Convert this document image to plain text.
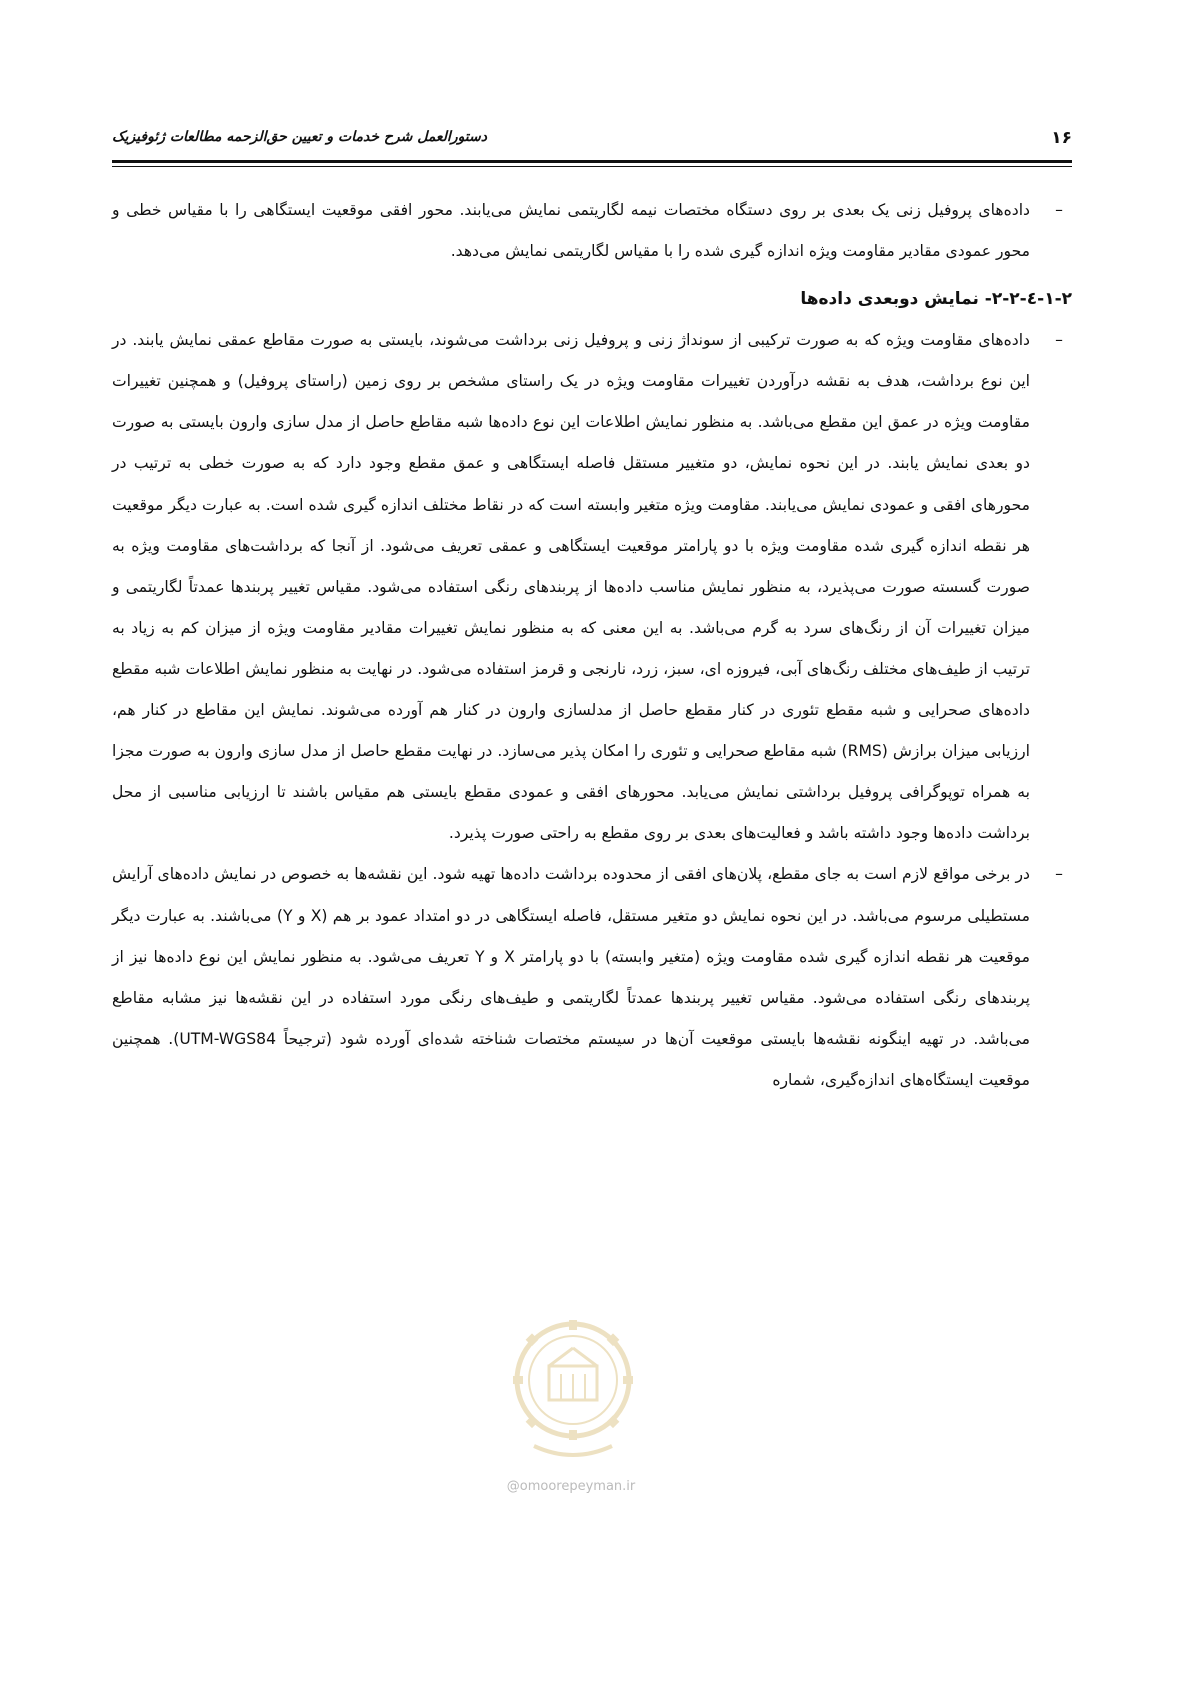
۱۶
دستورالعمل شرح خدمات و تعیین حق‌الزحمه مطالعات ژئوفیزیک

–
داده‌های پروفیل زنی یک بعدی بر روی دستگاه مختصات نیمه لگاریتمی نمایش می‌یابند. محور افقی موقعیت ایستگاهی را با مقیاس خطی و محور عمودی مقادیر مقاومت ویژه اندازه گیری شده را با مقیاس لگاریتمی نمایش می‌دهد.

۱-۲-٤-۲-۲- نمایش دوبعدی داده‌ها

–
داده‌های مقاومت ویژه که به صورت ترکیبی از سونداژ زنی و پروفیل زنی برداشت می‌شوند، بایستی به صورت مقاطع عمقی نمایش یابند. در این نوع برداشت، هدف به نقشه درآوردن تغییرات مقاومت ویژه در یک راستای مشخص بر روی زمین (راستای پروفیل) و همچنین تغییرات مقاومت ویژه در عمق این مقطع می‌باشد. به منظور نمایش اطلاعات این نوع داده‌ها شبه مقاطع حاصل از مدل سازی وارون بایستی به صورت دو بعدی نمایش یابند. در این نحوه نمایش، دو متغییر مستقل فاصله ایستگاهی و عمق مقطع وجود دارد که به صورت خطی به ترتیب در محورهای افقی و عمودی نمایش می‌یابند. مقاومت ویژه متغیر وابسته است که در نقاط مختلف اندازه گیری شده است. به عبارت دیگر موقعیت هر نقطه اندازه گیری شده مقاومت ویژه با دو پارامتر موقعیت ایستگاهی و عمقی تعریف می‌شود. از آنجا که برداشت‌های مقاومت ویژه به صورت گسسته صورت می‌پذیرد، به منظور نمایش مناسب داده‌ها از پربندهای رنگی استفاده می‌شود. مقیاس تغییر پربندها عمدتاً لگاریتمی و میزان تغییرات آن از رنگ‌های سرد به گرم می‌باشد. به این معنی که به منظور نمایش تغییرات مقادیر مقاومت ویژه از میزان کم به زیاد به ترتیب از طیف‌های مختلف رنگ‌های آبی، فیروزه ای، سبز، زرد، نارنجی و قرمز استفاده می‌شود. در نهایت به منظور نمایش اطلاعات شبه مقطع داده‌های صحرایی و شبه مقطع تئوری در کنار مقطع حاصل از مدلسازی وارون در کنار هم آورده می‌شوند. نمایش این مقاطع در کنار هم، ارزیابی میزان برازش (RMS) شبه مقاطع صحرایی و تئوری را امکان پذیر می‌سازد. در نهایت مقطع حاصل از مدل سازی وارون به صورت مجزا به همراه توپوگرافی پروفیل برداشتی نمایش می‌یابد. محورهای افقی و عمودی مقطع بایستی هم مقیاس باشند تا ارزیابی مناسبی از محل برداشت داده‌ها وجود داشته باشد و فعالیت‌های بعدی بر روی مقطع به راحتی صورت پذیرد.

–
در برخی مواقع لازم است به جای مقطع، پلان‌های افقی از محدوده برداشت داده‌ها تهیه شود. این نقشه‌ها به خصوص در نمایش داده‌های آرایش مستطیلی مرسوم می‌باشد. در این نحوه نمایش دو متغیر مستقل، فاصله ایستگاهی در دو امتداد عمود بر هم (X و Y) می‌باشند. به عبارت دیگر موقعیت هر نقطه اندازه گیری شده مقاومت ویژه (متغیر وابسته) با دو پارامتر X و Y تعریف می‌شود. به منظور نمایش این نوع داده‌ها نیز از پربندهای رنگی استفاده می‌شود. مقیاس تغییر پربندها عمدتاً لگاریتمی و طیف‌های رنگی مورد استفاده در این نقشه‌ها نیز مشابه مقاطع می‌باشد. در تهیه اینگونه نقشه‌ها بایستی موقعیت آن‌ها در سیستم مختصات شناخته شده‌ای آورده شود (ترجیحاً UTM-WGS84). همچنین موقعیت ایستگاه‌های اندازه‌گیری، شماره

@omoorepeyman.ir
